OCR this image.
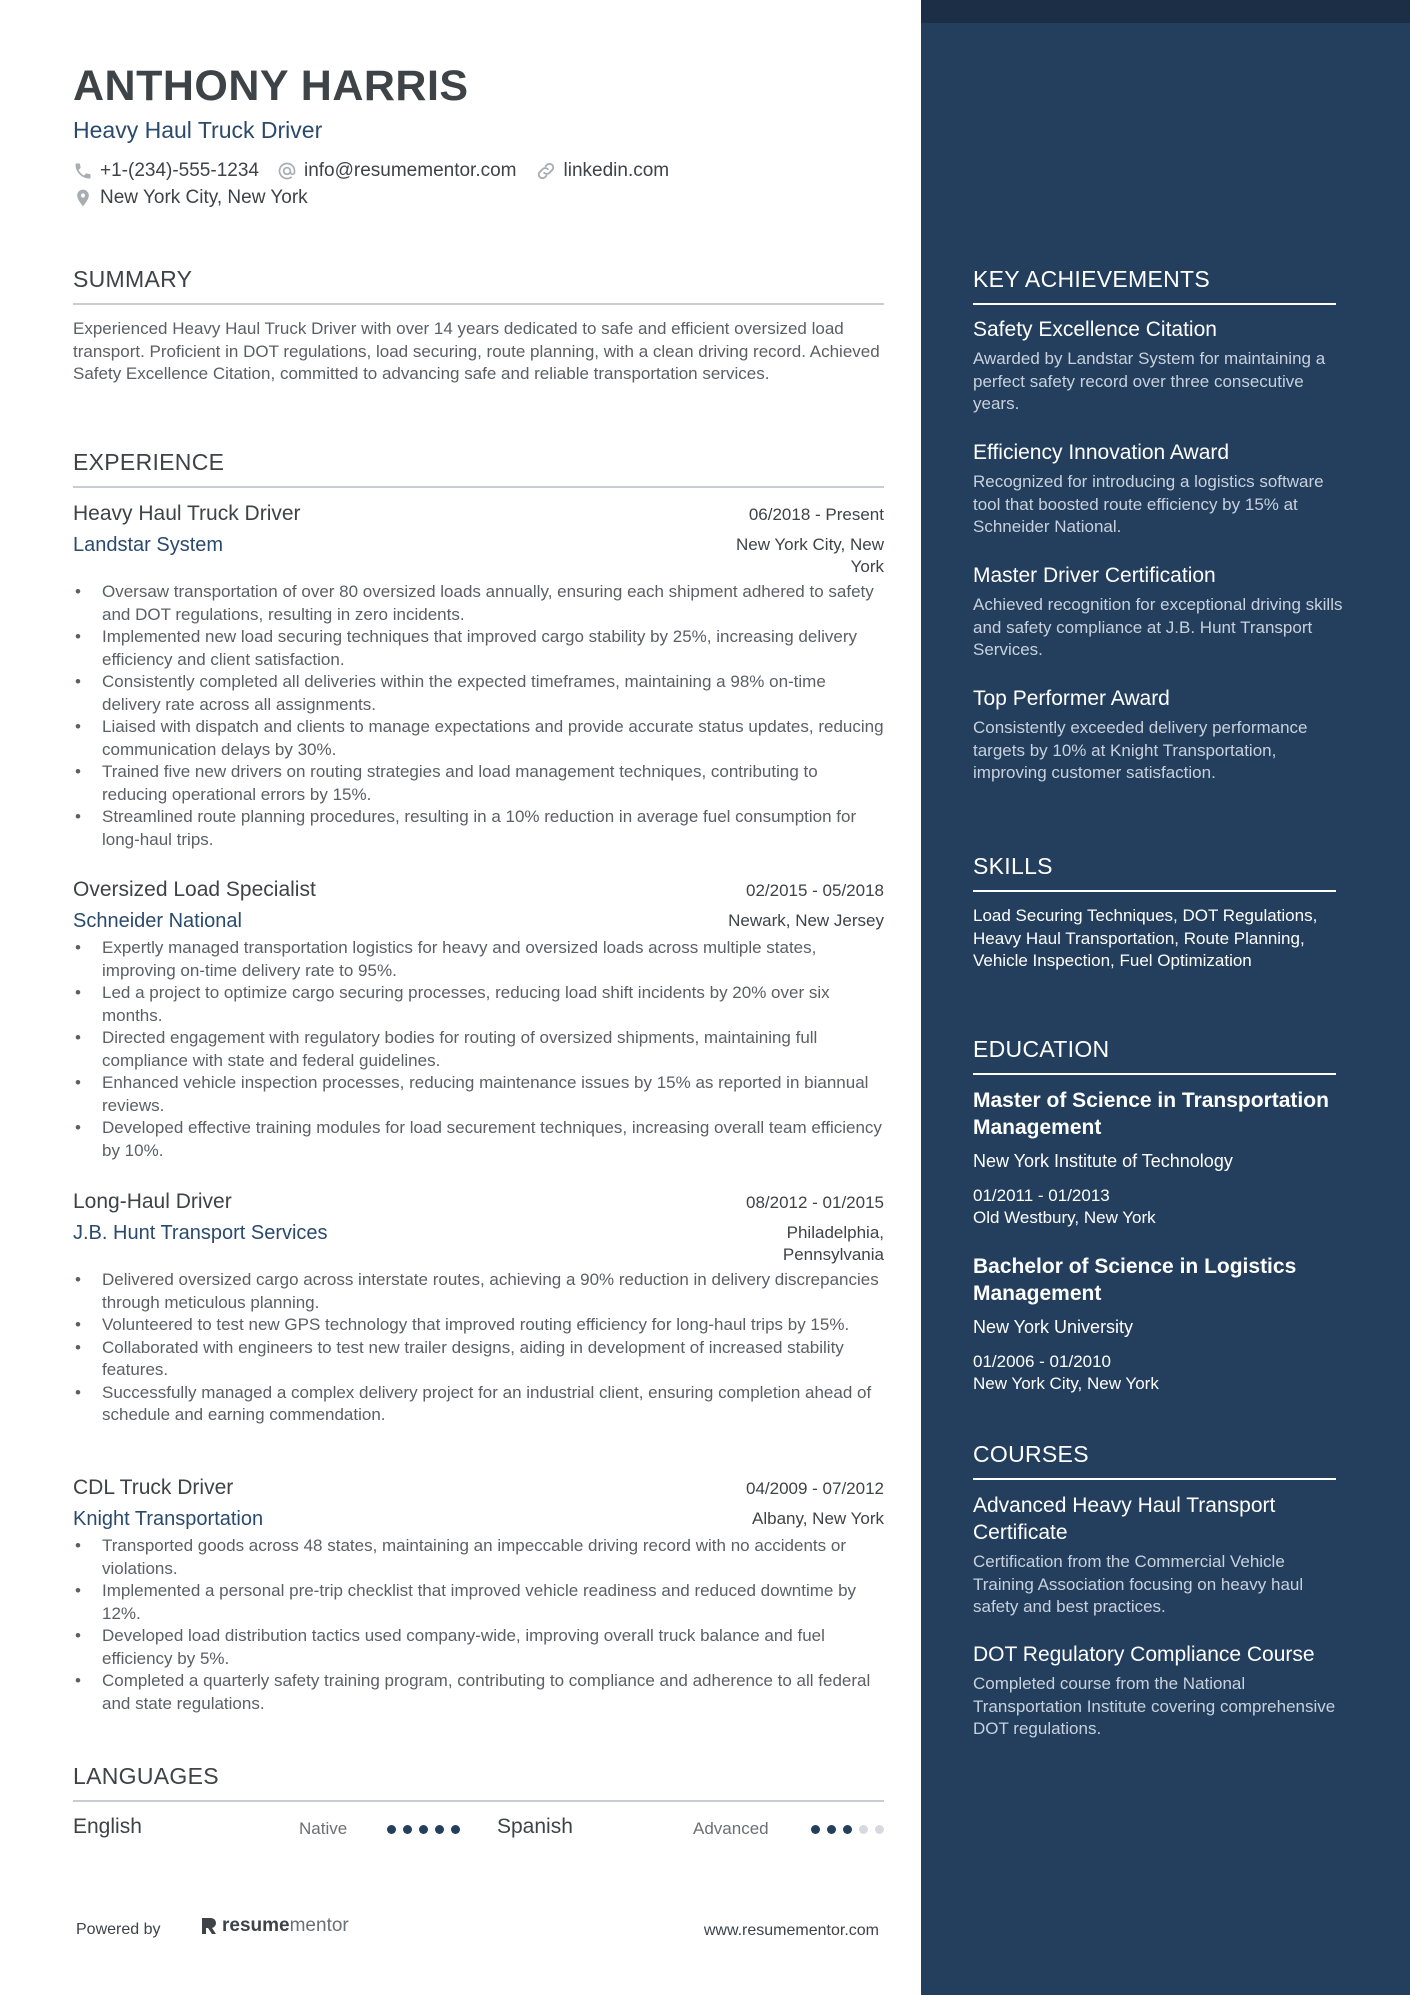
ANTHONY HARRIS
Heavy Haul Truck Driver
+1-(234)-555-1234 info@resumementor.com linkedin.com
New York City, New York
SUMMARY
Experienced Heavy Haul Truck Driver with over 14 years dedicated to safe and efficient oversized load transport. Proficient in DOT regulations, load securing, route planning, with a clean driving record. Achieved Safety Excellence Citation, committed to advancing safe and reliable transportation services.
EXPERIENCE
Heavy Haul Truck Driver	06/2018 - Present
Landstar System	New York City, New
York
• Oversaw transportation of over 80 oversized loads annually, ensuring each shipment adhered to safety and DOT regulations, resulting in zero incidents.
• Implemented new load securing techniques that improved cargo stability by 25%, increasing delivery efficiency and client satisfaction.
• Consistently completed all deliveries within the expected timeframes, maintaining a 98% on-time delivery rate across all assignments.
• Liaised with dispatch and clients to manage expectations and provide accurate status updates, reducing communication delays by 30%.
• Trained five new drivers on routing strategies and load management techniques, contributing to reducing operational errors by 15%.
• Streamlined route planning procedures, resulting in a 10% reduction in average fuel consumption for long-haul trips.
Oversized Load Specialist	02/2015 - 05/2018
Schneider National	Newark, New Jersey
• Expertly managed transportation logistics for heavy and oversized loads across multiple states, improving on-time delivery rate to 95%.
• Led a project to optimize cargo securing processes, reducing load shift incidents by 20% over six months.
• Directed engagement with regulatory bodies for routing of oversized shipments, maintaining full compliance with state and federal guidelines.
• Enhanced vehicle inspection processes, reducing maintenance issues by 15% as reported in biannual reviews.
• Developed effective training modules for load securement techniques, increasing overall team efficiency by 10%.
Long-Haul Driver	08/2012 - 01/2015
J.B. Hunt Transport Services	Philadelphia,
Pennsylvania
• Delivered oversized cargo across interstate routes, achieving a 90% reduction in delivery discrepancies through meticulous planning.
• Volunteered to test new GPS technology that improved routing efficiency for long-haul trips by 15%.
• Collaborated with engineers to test new trailer designs, aiding in development of increased stability features.
• Successfully managed a complex delivery project for an industrial client, ensuring completion ahead of schedule and earning commendation.
CDL Truck Driver	04/2009 - 07/2012
Knight Transportation	Albany, New York
• Transported goods across 48 states, maintaining an impeccable driving record with no accidents or violations.
• Implemented a personal pre-trip checklist that improved vehicle readiness and reduced downtime by 12%.
• Developed load distribution tactics used company-wide, improving overall truck balance and fuel efficiency by 5%.
• Completed a quarterly safety training program, contributing to compliance and adherence to all federal and state regulations.
LANGUAGES
English	Native	Spanish	Advanced
Powered by	resume mentor	www.resumementor.com
KEY ACHIEVEMENTS
Safety Excellence Citation
Awarded by Landstar System for maintaining a perfect safety record over three consecutive years.
Efficiency Innovation Award
Recognized for introducing a logistics software tool that boosted route efficiency by 15% at Schneider National.
Master Driver Certification
Achieved recognition for exceptional driving skills and safety compliance at J.B. Hunt Transport Services.
Top Performer Award
Consistently exceeded delivery performance targets by 10% at Knight Transportation, improving customer satisfaction.
SKILLS
Load Securing Techniques, DOT Regulations, Heavy Haul Transportation, Route Planning, Vehicle Inspection, Fuel Optimization
EDUCATION
Master of Science in Transportation Management
New York Institute of Technology
01/2011 - 01/2013
Old Westbury, New York
Bachelor of Science in Logistics Management
New York University
01/2006 - 01/2010
New York City, New York
COURSES
Advanced Heavy Haul Transport Certificate
Certification from the Commercial Vehicle Training Association focusing on heavy haul safety and best practices.
DOT Regulatory Compliance Course
Completed course from the National Transportation Institute covering comprehensive DOT regulations.
